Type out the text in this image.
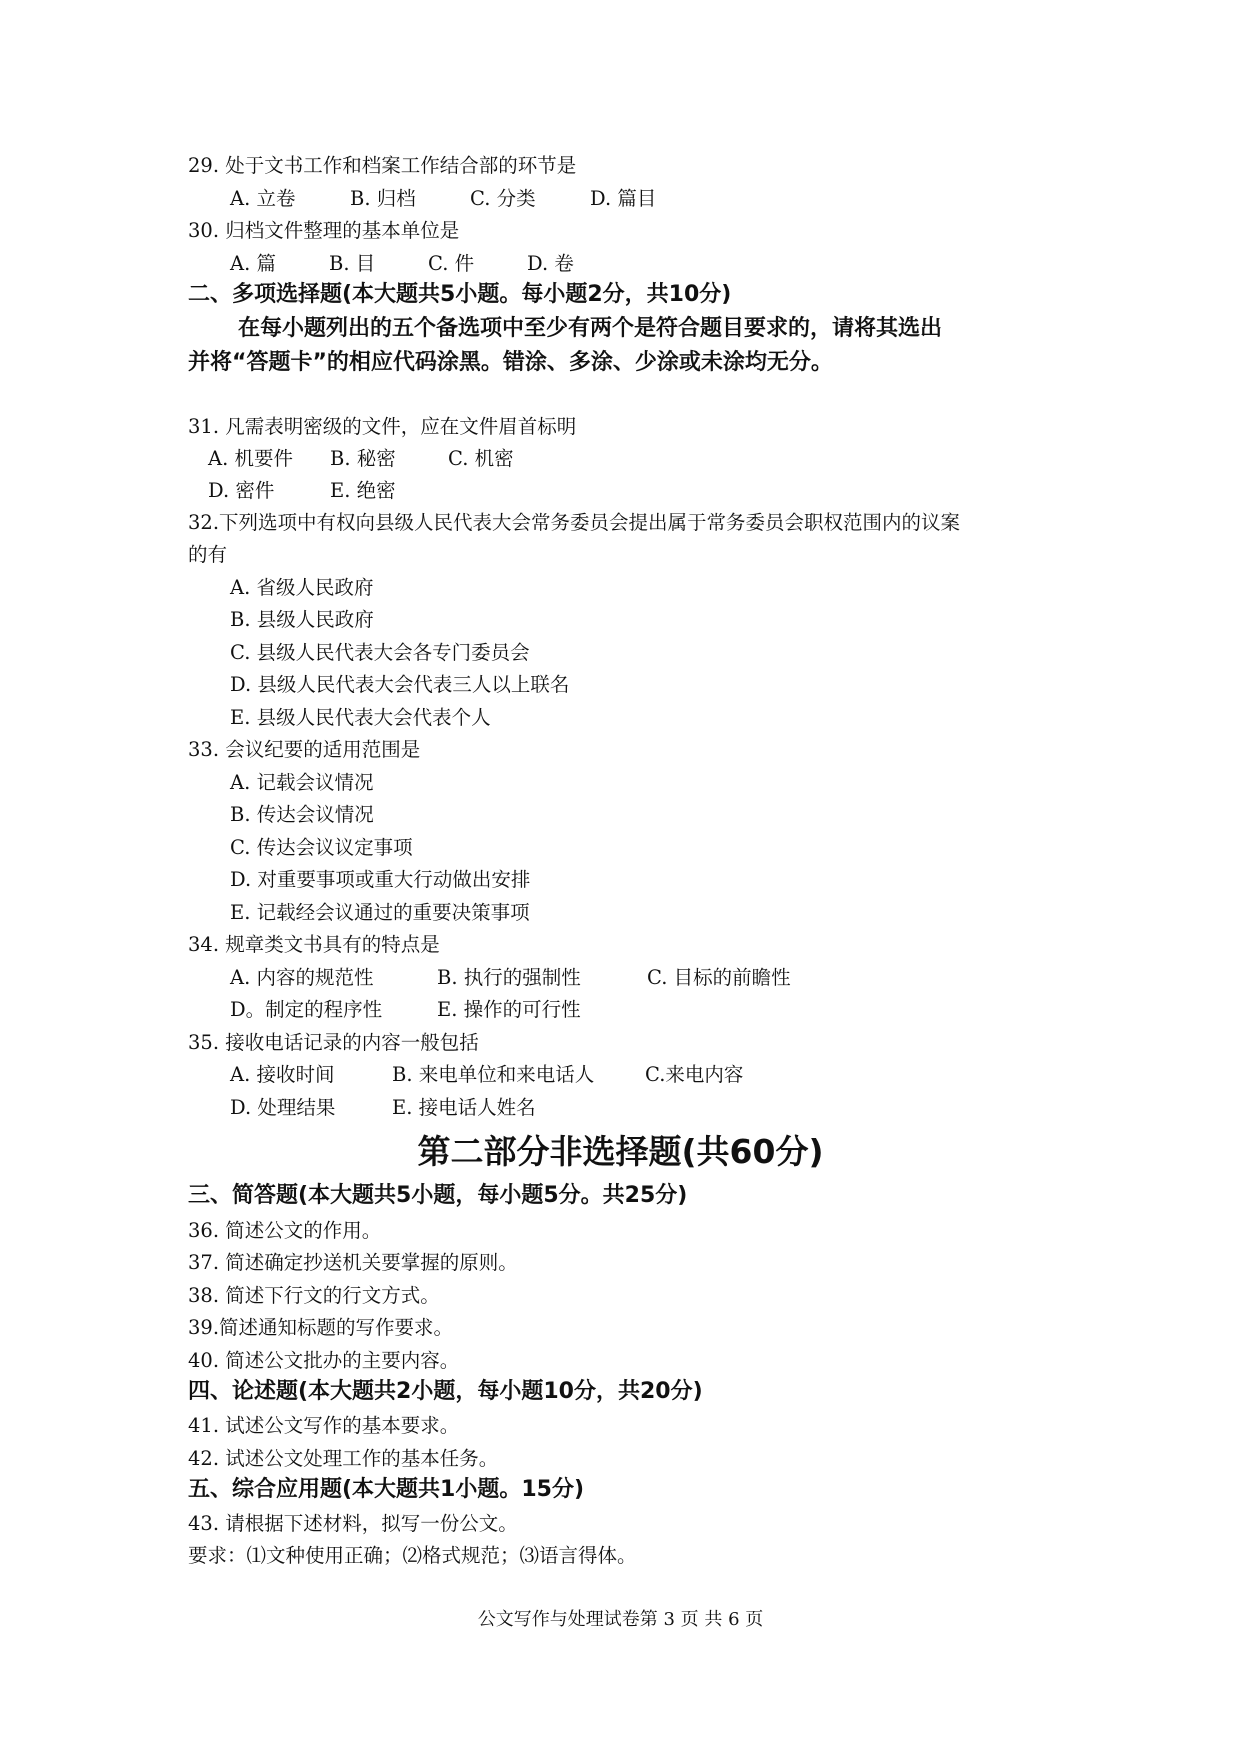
29. 处于文书工作和档案工作结合部的环节是
A. 立卷	B. 归档	C. 分类	D. 篇目
30. 归档文件整理的基本单位是
A. 篇	B. 目	C. 件	D. 卷
二、多项选择题(本大题共5小题。每小题2分，共10分)
在每小题列出的五个备选项中至少有两个是符合题目要求的，请将其选出
并将“答题卡”的相应代码涂黑。错涂、多涂、少涂或未涂均无分。
31. 凡需表明密级的文件，应在文件眉首标明
A. 机要件 B. 秘密	C. 机密
D. 密件	E. 绝密
32.下列选项中有权向县级人民代表大会常务委员会提出属于常务委员会职权范围内的议案
的有
A. 省级人民政府
B. 县级人民政府
C. 县级人民代表大会各专门委员会
D. 县级人民代表大会代表三人以上联名
E. 县级人民代表大会代表个人
33. 会议纪要的适用范围是
A. 记载会议情况
B. 传达会议情况
C. 传达会议议定事项
D. 对重要事项或重大行动做出安排
E. 记载经会议通过的重要决策事项
34. 规章类文书具有的特点是
A. 内容的规范性	B. 执行的强制性	C. 目标的前瞻性
D。制定的程序性	E. 操作的可行性
35. 接收电话记录的内容一般包括
A. 接收时间	B. 来电单位和来电话人	C.来电内容
D. 处理结果	E. 接电话人姓名
第二部分非选择题(共60分)
三、简答题(本大题共5小题，每小题5分。共25分)
36. 简述公文的作用。
37. 简述确定抄送机关要掌握的原则。
38. 简述下行文的行文方式。
39.简述通知标题的写作要求。
40. 简述公文批办的主要内容。
四、论述题(本大题共2小题，每小题10分，共20分)
41. 试述公文写作的基本要求。
42. 试述公文处理工作的基本任务。
五、综合应用题(本大题共1小题。15分)
43. 请根据下述材料，拟写一份公文。
要求：⑴文种使用正确；⑵格式规范；⑶语言得体。
公文写作与处理试卷第 3 页 共 6 页
